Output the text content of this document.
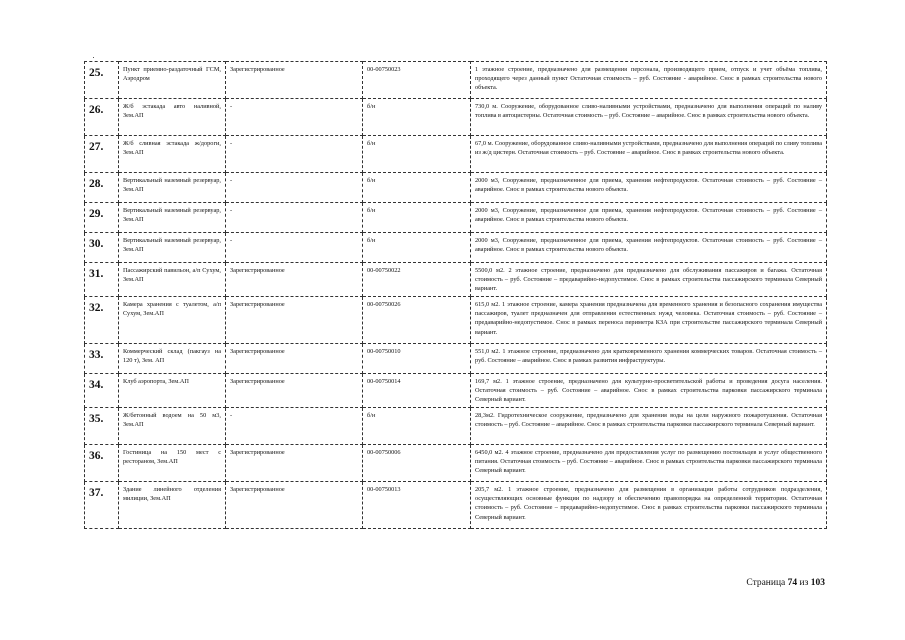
25.	Пункт приемно-раздаточный ГСМ, Аэродром	Зарегистрированное	00-00750023	1 этажное строение, предназначено для размещения персонала, производящего прием, отпуск и учет объёма топлива, проходящего через данный пункт Остаточная стоимость – руб. Состояние - аварийное. Снос в рамках строительства нового объекта.
26.	Ж/б эстакада авто наливной, Зем.АП	-	б/н	730,0 м. Сооружение, оборудованное сливо-наливными устройствами, предназначено для выполнения операций по наливу топлива в автоцистерны. Остаточная стоимость – руб. Состояние – аварийное. Снос в рамках строительства нового объекта.
27.	Ж/б сливная эстакада ж/дороги, Зем.АП	-	б/н	67,0 м. Сооружение, оборудованное сливо-наливными устройствами, предназначено для выполнения операций по сливу топлива из ж/д цистерн. Остаточная стоимость – руб. Состояние – аварийное. Снос в рамках строительства нового объекта.
28.	Вертикальный наземный резервуар, Зем.АП	-	б/н	2000 м3, Сооружение, предназначенное для приема, хранения нефтепродуктов. Остаточная стоимость – руб. Состояние – аварийное. Снос в рамках строительства нового объекта.
29.	Вертикальный наземный резервуар, Зем.АП	-	б/н	2000 м3, Сооружение, предназначенное для приема, хранения нефтепродуктов. Остаточная стоимость – руб. Состояние – аварийное. Снос в рамках строительства нового объекта.
30.	Вертикальный наземный резервуар, Зем.АП	-	б/н	2000 м3, Сооружение, предназначенное для приема, хранения нефтепродуктов. Остаточная стоимость – руб. Состояние – аварийное. Снос в рамках строительства нового объекта.
31.	Пассажирский павильон, а/п Сухум, Зем.АП	Зарегистрированное	00-00750022	5500,0 м2. 2 этажное строение, предназначено для предназначено для обслуживания пассажиров и багажа. Остаточная стоимость – руб. Состояние – предаварийно-недопустимое. Снос в рамках строительства пассажирского терминала Северный вариант.
32.	Камера хранения с туалетом, а/п Сухум, Зем.АП	Зарегистрированное	00-00750026	615,0 м2. 1 этажное строение, камера хранения предназначена для временного хранения и безопасного сохранения имущества пассажиров, туалет предназначен для отправления естественных нужд человека. Остаточная стоимость – руб. Состояние – предаварийно-недопустимое. Снос в рамках переноса периметра КЗА при строительстве пассажирского терминала Северный вариант.
33.	Коммерческий склад (пакгауз на 120 т), Зем. АП	Зарегистрированное	00-00750010	551,0 м2. 1 этажное строение, предназначено для кратковременного хранения коммерческих товаров. Остаточная стоимость – руб. Состояние – аварийное. Снос в рамках развития инфраструктуры.
34.	Клуб аэропорта, Зем.АП	Зарегистрированное	00-00750014	169,7 м2. 1 этажное строение, предназначено для культурно-просветительской работы и проведения досуга населения. Остаточная стоимость – руб. Состояние – аварийное. Снос в рамках строительства парковки пассажирского терминала Северный вариант.
35.	Ж/бетонный водоем на 50 м3, Зем.АП	-	б/н	28,3м2. Гидротехническое сооружение, предназначено для хранения воды на цели наружного пожаротушения. Остаточная стоимость – руб. Состояние – аварийное. Снос в рамках строительства парковки пассажирского терминала Северный вариант.
36.	Гостиница на 150 мест с рестораном, Зем.АП	Зарегистрированное	00-00750006	6450,0 м2. 4 этажное строение, предназначено для предоставления услуг по размещению постояльцев и услуг общественного питания. Остаточная стоимость – руб. Состояние – аварийное. Снос в рамках строительства парковки пассажирского терминала Северный вариант.
37.	Здание линейного отделения милиции, Зем.АП	Зарегистрированное	00-00750013	205,7 м2. 1 этажное строение, предназначено для размещения в организации работы сотрудников подразделения, осуществляющих основные функции по надзору и обеспечению правопорядка на определенной территории. Остаточная стоимость – руб. Состояние – предаварийно-недопустимое. Снос в рамках строительства парковки пассажирского терминала Северный вариант.
Страница 74 из 103
